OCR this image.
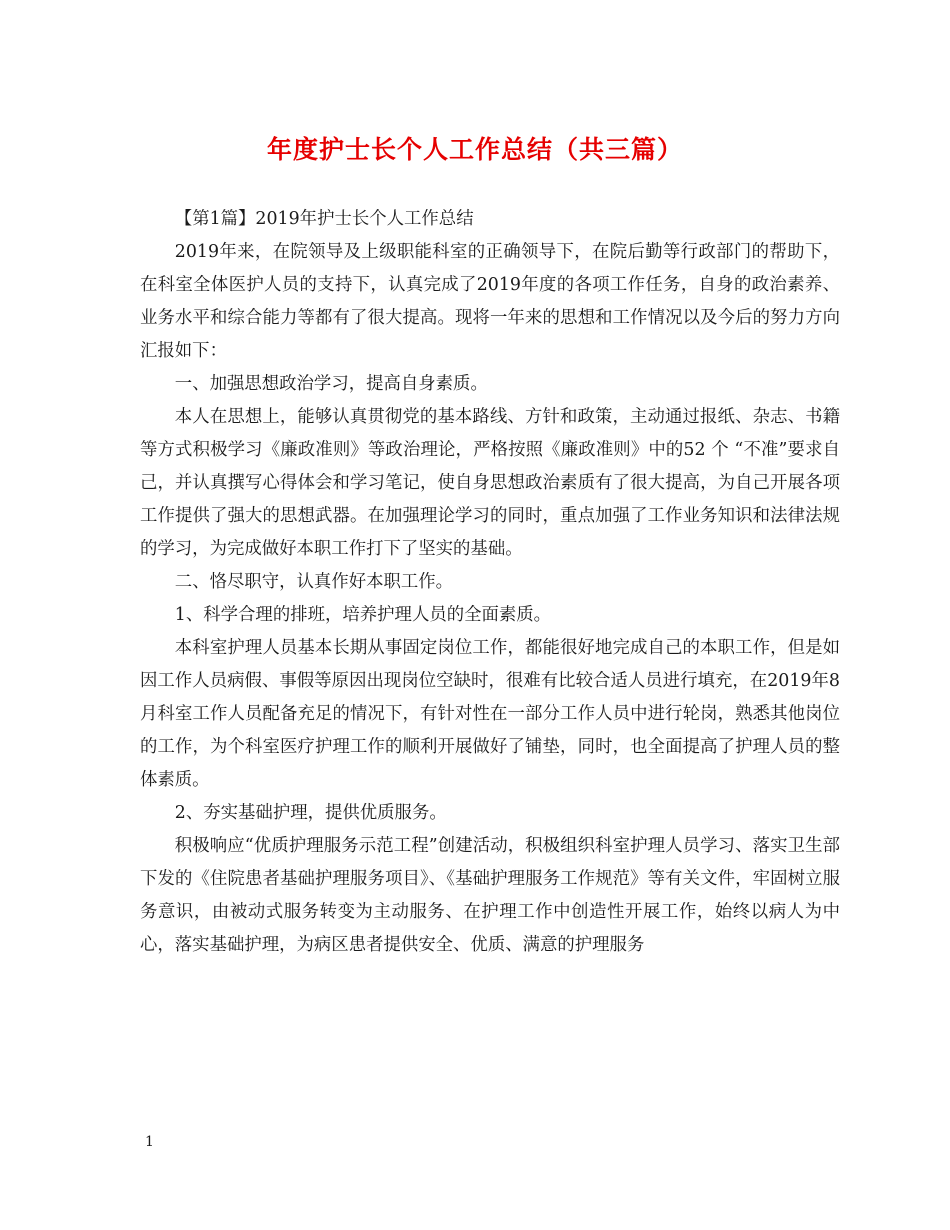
年度护士长个人工作总结（共三篇）

【第1篇】2019年护士长个人工作总结

2019年来，在院领导及上级职能科室的正确领导下，在院后勤等行政部门的帮助下，在科室全体医护人员的支持下，认真完成了2019年度的各项工作任务，自身的政治素养、业务水平和综合能力等都有了很大提高。现将一年来的思想和工作情况以及今后的努力方向汇报如下：

一、加强思想政治学习，提高自身素质。

本人在思想上，能够认真贯彻党的基本路线、方针和政策，主动通过报纸、杂志、书籍等方式积极学习《廉政准则》等政治理论，严格按照《廉政准则》中的52 个 “不准”要求自己，并认真撰写心得体会和学习笔记，使自身思想政治素质有了很大提高，为自己开展各项工作提供了强大的思想武器。在加强理论学习的同时，重点加强了工作业务知识和法律法规的学习，为完成做好本职工作打下了坚实的基础。

二、恪尽职守，认真作好本职工作。

1、科学合理的排班，培养护理人员的全面素质。

本科室护理人员基本长期从事固定岗位工作，都能很好地完成自己的本职工作，但是如因工作人员病假、事假等原因出现岗位空缺时，很难有比较合适人员进行填充，在2019年8月科室工作人员配备充足的情况下，有针对性在一部分工作人员中进行轮岗，熟悉其他岗位的工作，为个科室医疗护理工作的顺利开展做好了铺垫，同时，也全面提高了护理人员的整体素质。

2、夯实基础护理，提供优质服务。

积极响应“优质护理服务示范工程”创建活动，积极组织科室护理人员学习、落实卫生部下发的《住院患者基础护理服务项目》、《基础护理服务工作规范》等有关文件，牢固树立服务意识，由被动式服务转变为主动服务、在护理工作中创造性开展工作，始终以病人为中心，落实基础护理，为病区患者提供安全、优质、满意的护理服务

1
